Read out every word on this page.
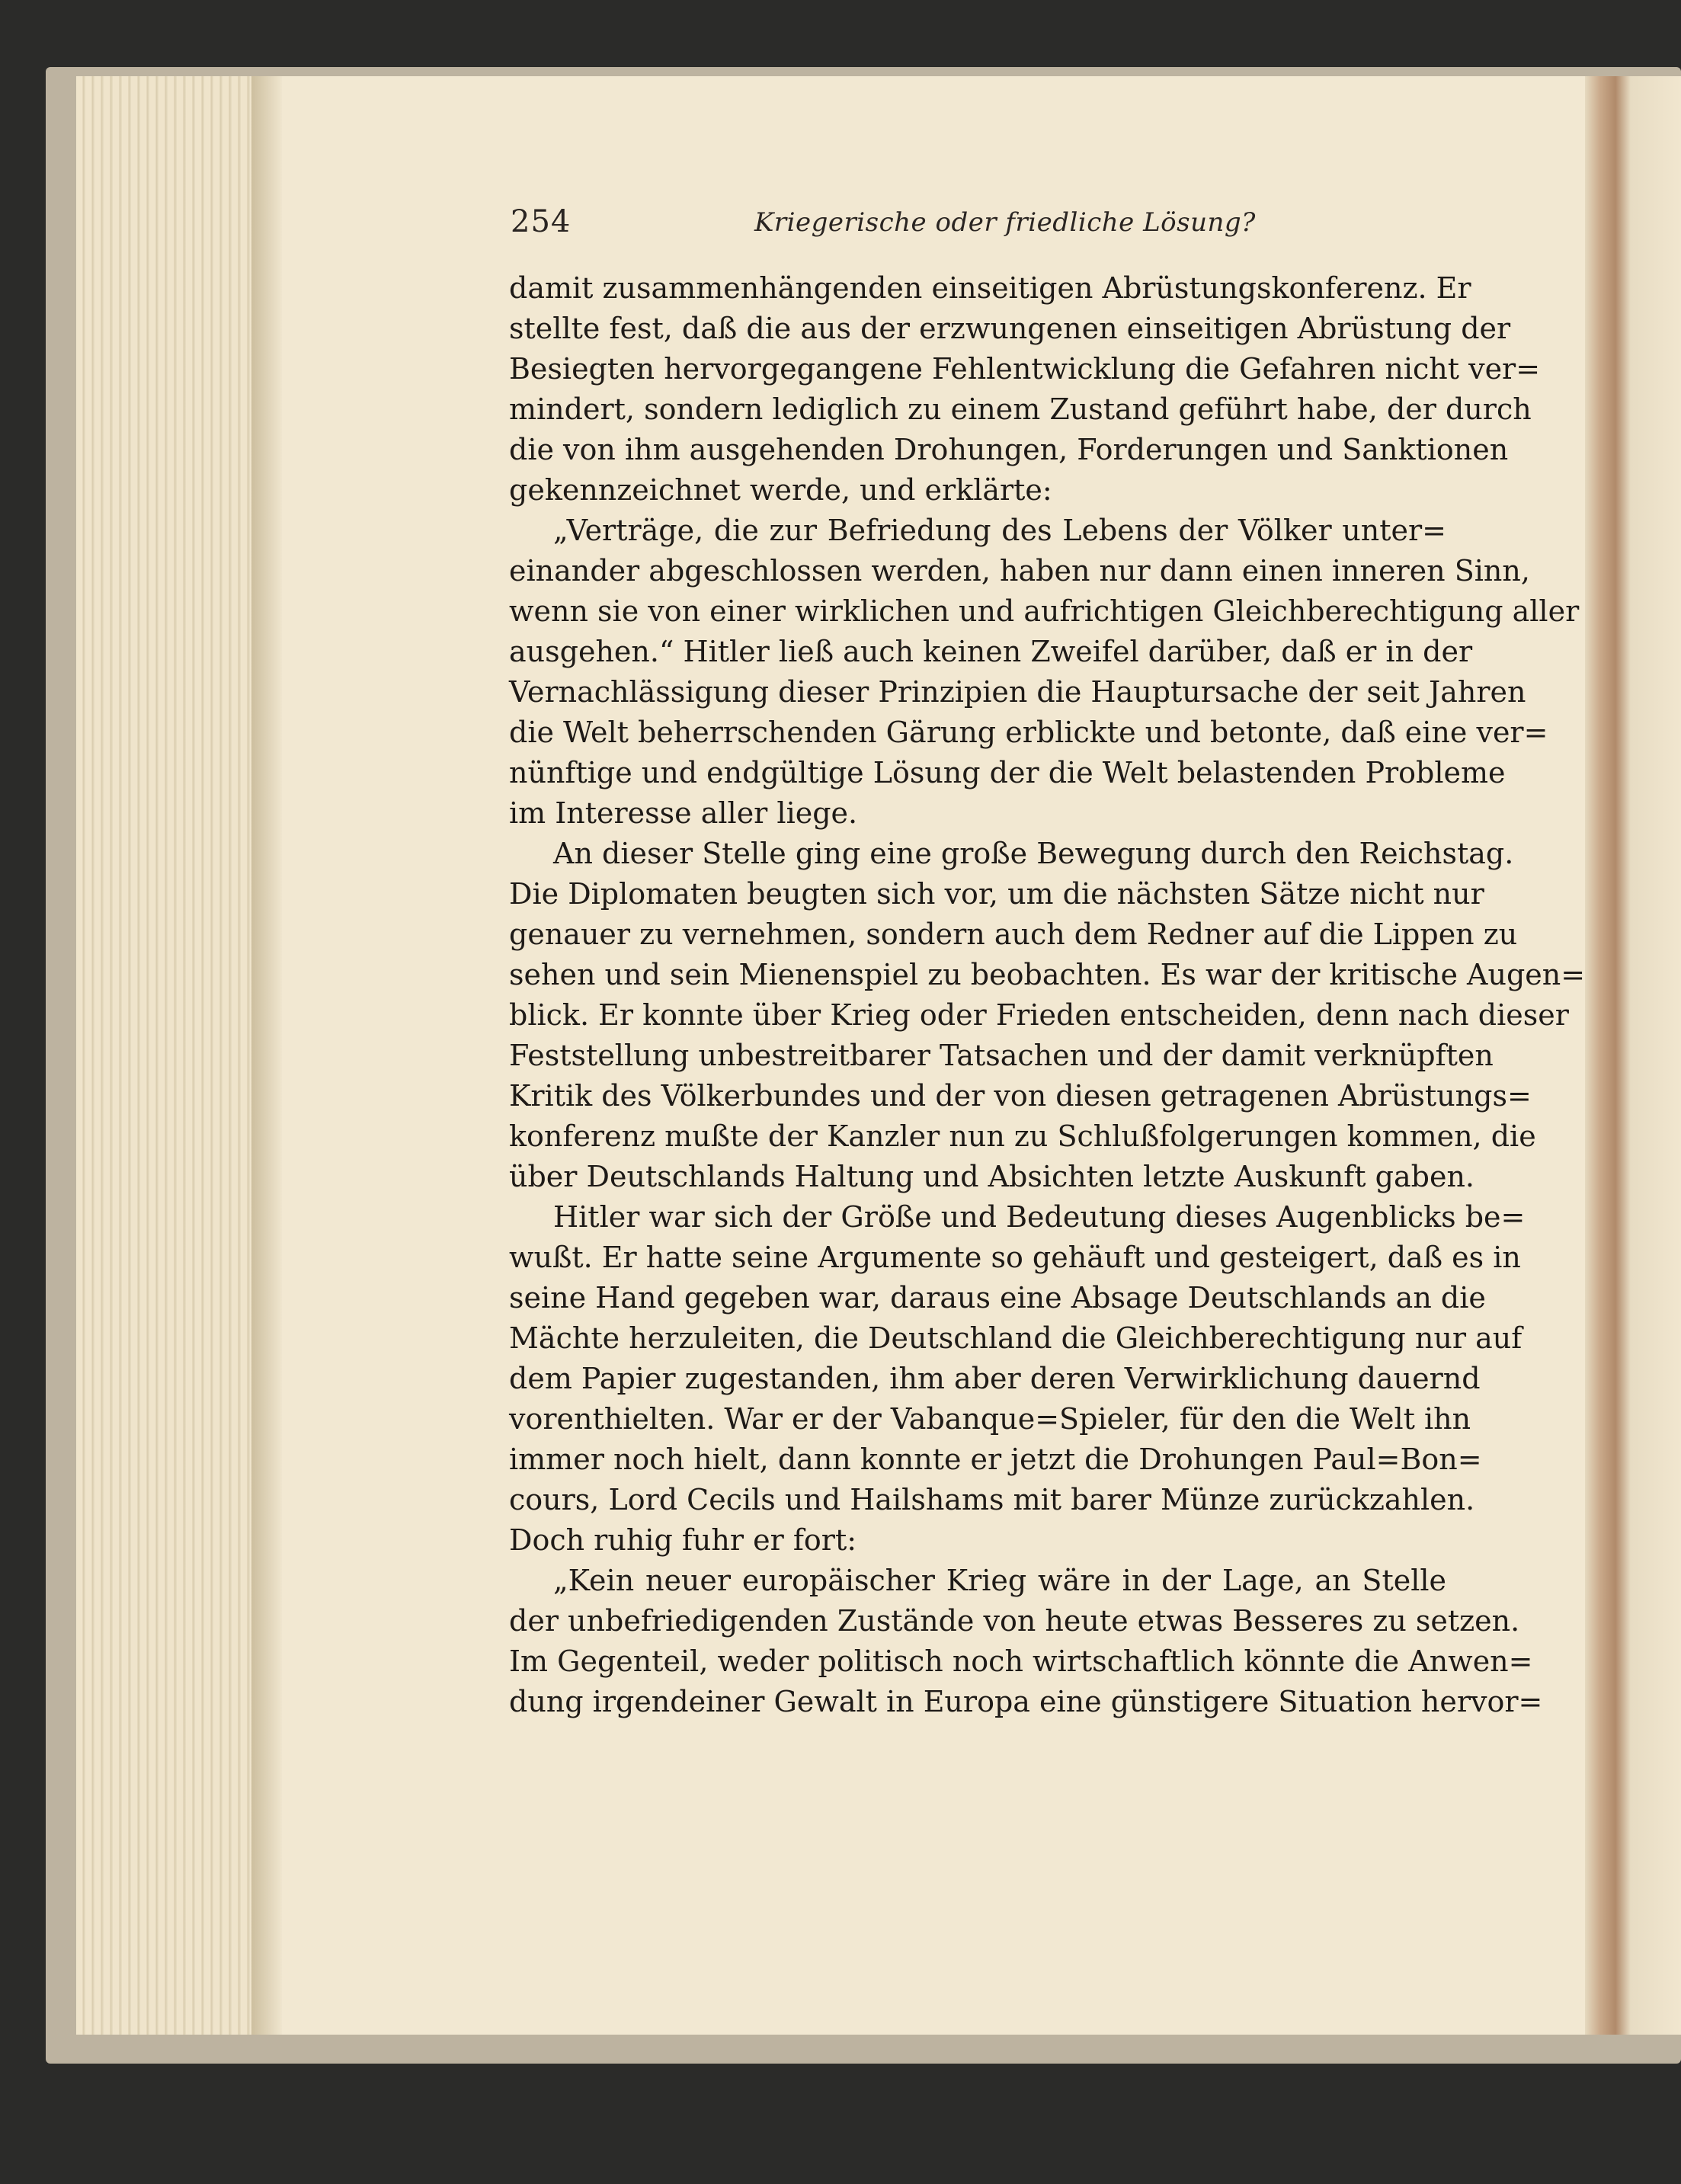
254	Kriegerische oder friedliche Lösung?
damit zusammenhängenden einseitigen Abrüstungskonferenz. Er
stellte fest, daß die aus der erzwungenen einseitigen Abrüstung der
Besiegten hervorgegangene Fehlentwicklung die Gefahren nicht ver=
mindert, sondern lediglich zu einem Zustand geführt habe, der durch
die von ihm ausgehenden Drohungen, Forderungen und Sanktionen
gekennzeichnet werde, und erklärte:
„Verträge, die zur Befriedung des Lebens der Völker unter=
einander abgeschlossen werden, haben nur dann einen inneren Sinn,
wenn sie von einer wirklichen und aufrichtigen Gleichberechtigung aller
ausgehen.“ Hitler ließ auch keinen Zweifel darüber, daß er in der
Vernachlässigung dieser Prinzipien die Hauptursache der seit Jahren
die Welt beherrschenden Gärung erblickte und betonte, daß eine ver=
nünftige und endgültige Lösung der die Welt belastenden Probleme
im Interesse aller liege.
An dieser Stelle ging eine große Bewegung durch den Reichstag.
Die Diplomaten beugten sich vor, um die nächsten Sätze nicht nur
genauer zu vernehmen, sondern auch dem Redner auf die Lippen zu
sehen und sein Mienenspiel zu beobachten. Es war der kritische Augen=
blick. Er konnte über Krieg oder Frieden entscheiden, denn nach dieser
Feststellung unbestreitbarer Tatsachen und der damit verknüpften
Kritik des Völkerbundes und der von diesen getragenen Abrüstungs=
konferenz mußte der Kanzler nun zu Schlußfolgerungen kommen, die
über Deutschlands Haltung und Absichten letzte Auskunft gaben.
Hitler war sich der Größe und Bedeutung dieses Augenblicks be=
wußt. Er hatte seine Argumente so gehäuft und gesteigert, daß es in
seine Hand gegeben war, daraus eine Absage Deutschlands an die
Mächte herzuleiten, die Deutschland die Gleichberechtigung nur auf
dem Papier zugestanden, ihm aber deren Verwirklichung dauernd
vorenthielten. War er der Vabanque=Spieler, für den die Welt ihn
immer noch hielt, dann konnte er jetzt die Drohungen Paul=Bon=
cours, Lord Cecils und Hailshams mit barer Münze zurückzahlen.
Doch ruhig fuhr er fort:
„Kein neuer europäischer Krieg wäre in der Lage, an Stelle
der unbefriedigenden Zustände von heute etwas Besseres zu setzen.
Im Gegenteil, weder politisch noch wirtschaftlich könnte die Anwen=
dung irgendeiner Gewalt in Europa eine günstigere Situation hervor=
